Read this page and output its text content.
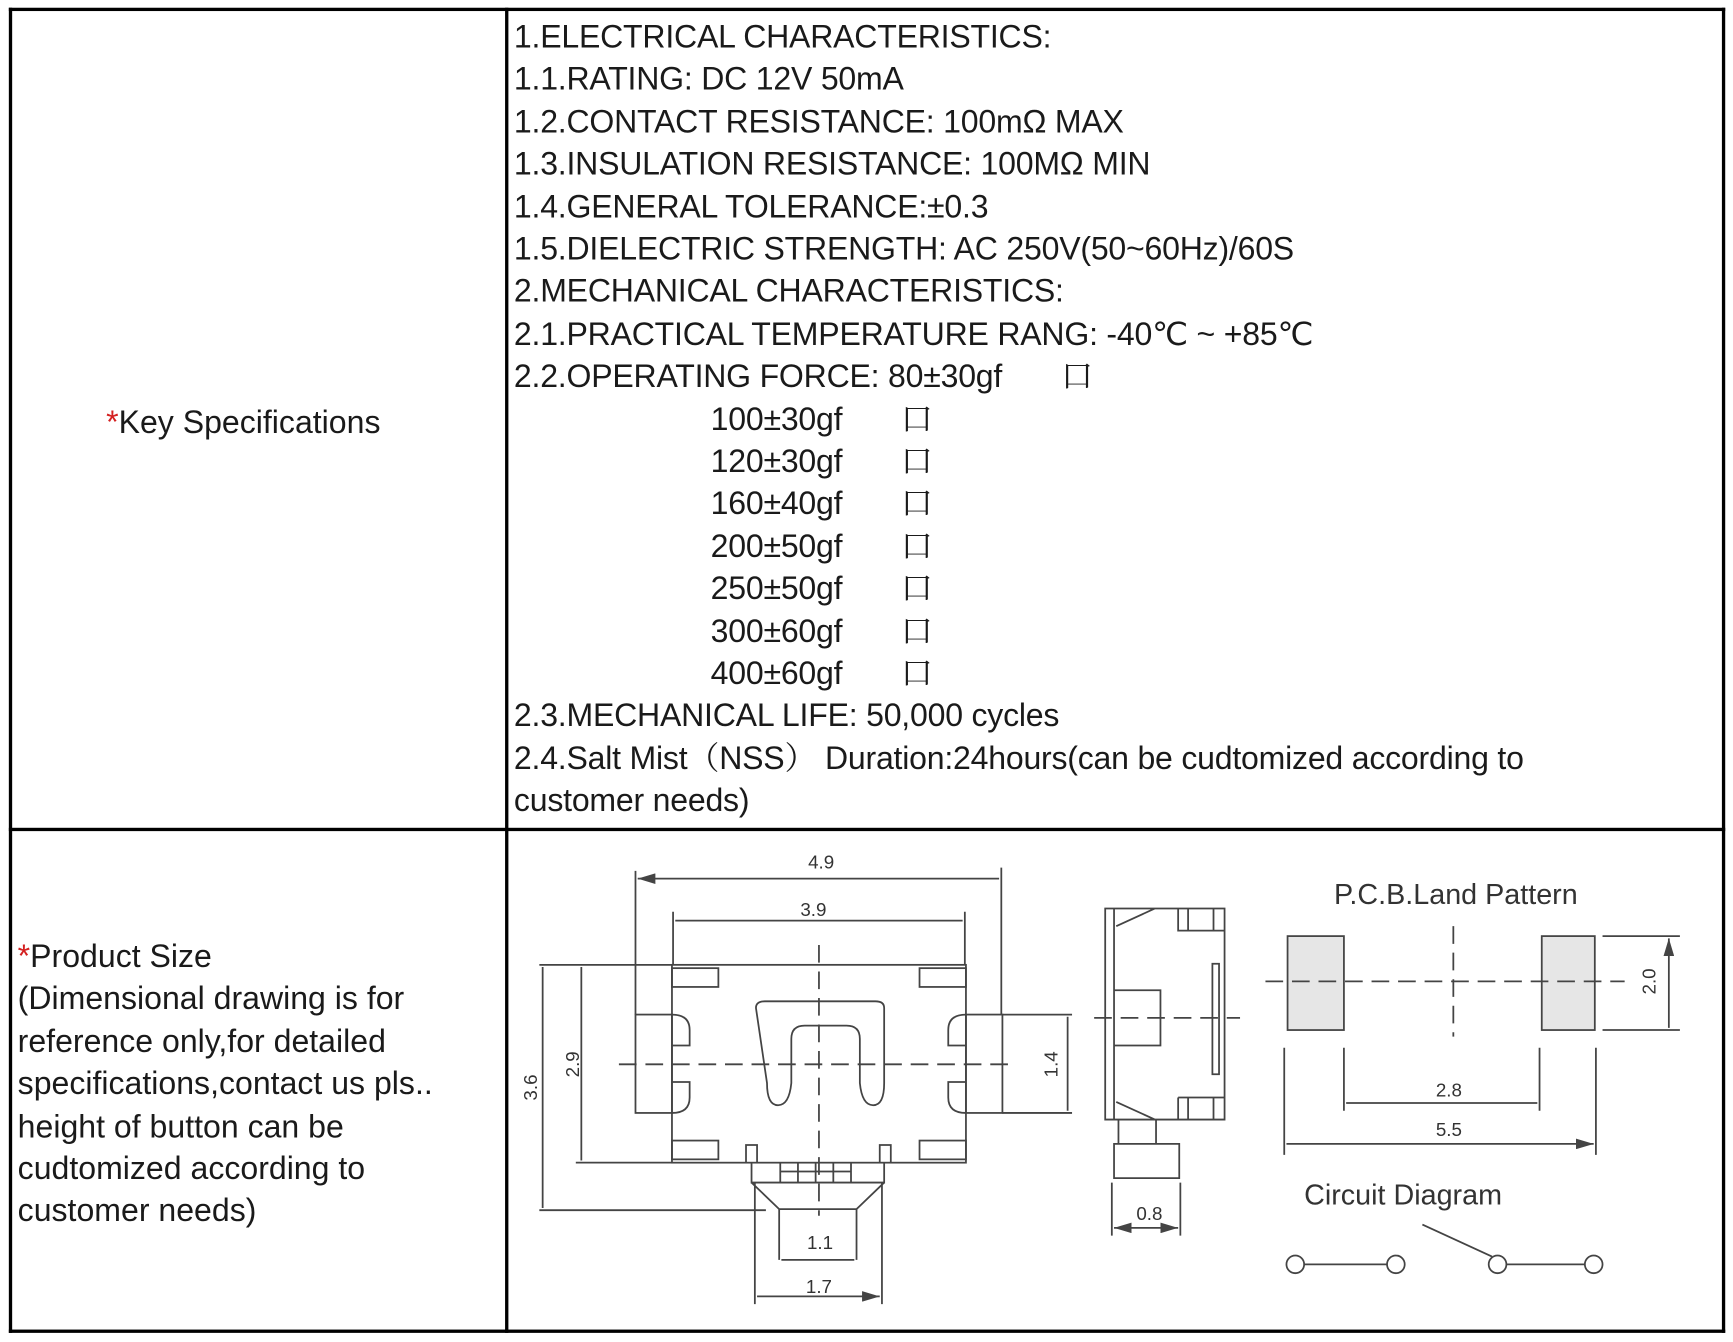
*Key Specifications
1.ELECTRICAL CHARACTERISTICS:
1.1.RATING: DC 12V 50mA
1.2.CONTACT RESISTANCE: 100mΩ MAX
1.3.INSULATION RESISTANCE: 100MΩ MIN
1.4.GENERAL TOLERANCE:±0.3
1.5.DIELECTRIC STRENGTH: AC 250V(50~60Hz)/60S
2.MECHANICAL CHARACTERISTICS:
2.1.PRACTICAL TEMPERATURE RANG: -40℃ ~ +85℃
2.2.OPERATING FORCE: 80±30gf 口
100±30gf 口
120±30gf 口
160±40gf 口
200±50gf 口
250±50gf 口
300±60gf 口
400±60gf 口
2.3.MECHANICAL LIFE: 50,000 cycles
2.4.Salt Mist（NSS） Duration:24hours(can be cudtomized according to
customer needs)
*Product Size
(Dimensional drawing is for
reference only,for detailed
specifications,contact us pls..
height of button can be
cudtomized according to
customer needs)
4.9
3.9
3.6
2.9	1.4
1.1
1.7
0.8
2.0
2.8
5.5
P.C.B.Land Pattern
Circuit Diagram
